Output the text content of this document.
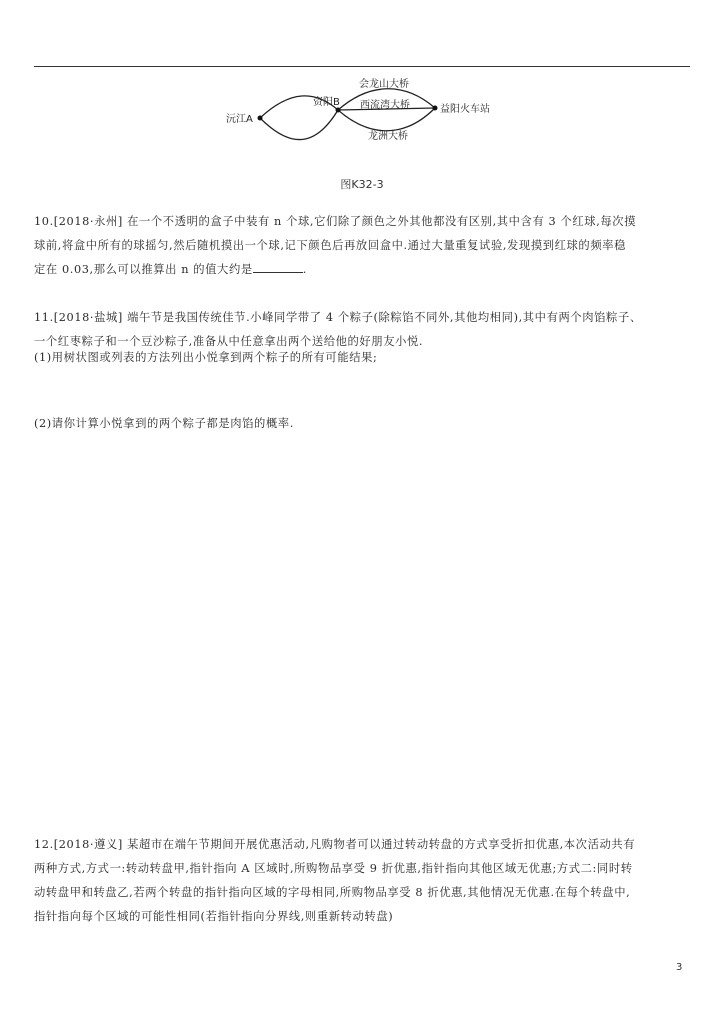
会龙山大桥
西流湾大桥
龙洲大桥
沅江A
资阳B
益阳火车站
图K32-3
10.[2018·永州] 在一个不透明的盒子中装有 n 个球,它们除了颜色之外其他都没有区别,其中含有 3 个红球,每次摸
球前,将盒中所有的球摇匀,然后随机摸出一个球,记下颜色后再放回盒中.通过大量重复试验,发现摸到红球的频率稳
定在 0.03,那么可以推算出 n 的值大约是	.
11.[2018·盐城] 端午节是我国传统佳节.小峰同学带了 4 个粽子(除粽馅不同外,其他均相同),其中有两个肉馅粽子、
一个红枣粽子和一个豆沙粽子,准备从中任意拿出两个送给他的好朋友小悦.
(1)用树状图或列表的方法列出小悦拿到两个粽子的所有可能结果;
(2)请你计算小悦拿到的两个粽子都是肉馅的概率.
12.[2018·遵义] 某超市在端午节期间开展优惠活动,凡购物者可以通过转动转盘的方式享受折扣优惠,本次活动共有
两种方式,方式一:转动转盘甲,指针指向 A 区域时,所购物品享受 9 折优惠,指针指向其他区域无优惠;方式二:同时转
动转盘甲和转盘乙,若两个转盘的指针指向区域的字母相同,所购物品享受 8 折优惠,其他情况无优惠.在每个转盘中,
指针指向每个区域的可能性相同(若指针指向分界线,则重新转动转盘)
3
